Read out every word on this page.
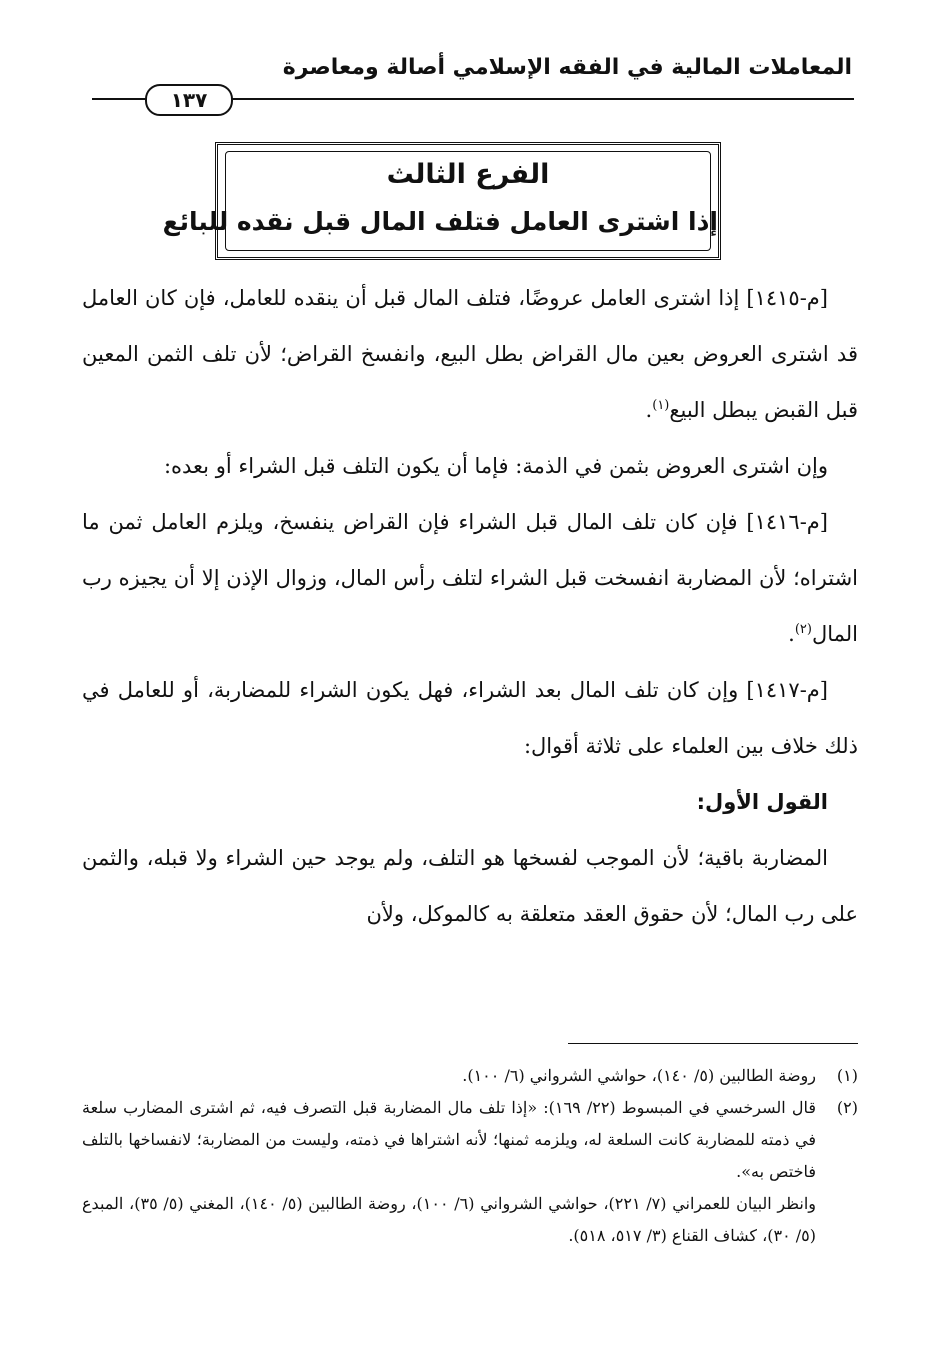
المعاملات المالية في الفقه الإسلامي أصالة ومعاصرة
١٣٧
الفرع الثالث
إذا اشترى العامل فتلف المال قبل نقده للبائع

[م-١٤١٥] إذا اشترى العامل عروضًا، فتلف المال قبل أن ينقده للعامل، فإن كان العامل قد اشترى العروض بعين مال القراض بطل البيع، وانفسخ القراض؛ لأن تلف الثمن المعين قبل القبض يبطل البيع$^{(١)}$.

وإن اشترى العروض بثمن في الذمة: فإما أن يكون التلف قبل الشراء أو بعده:

[م-١٤١٦] فإن كان تلف المال قبل الشراء فإن القراض ينفسخ، ويلزم العامل ثمن ما اشتراه؛ لأن المضاربة انفسخت قبل الشراء لتلف رأس المال، وزوال الإذن إلا أن يجيزه رب المال$^{(٢)}$.

[م-١٤١٧] وإن كان تلف المال بعد الشراء، فهل يكون الشراء للمضاربة، أو للعامل في ذلك خلاف بين العلماء على ثلاثة أقوال:

القول الأول:

المضاربة باقية؛ لأن الموجب لفسخها هو التلف، ولم يوجد حين الشراء ولا قبله، والثمن على رب المال؛ لأن حقوق العقد متعلقة به كالموكل، ولأن

(١)
روضة الطالبين (٥/ ١٤٠)، حواشي الشرواني (٦/ ١٠٠).
(٢)

قال السرخسي في المبسوط (٢٢/ ١٦٩): «إذا تلف مال المضاربة قبل التصرف فيه، ثم اشترى المضارب سلعة في ذمته للمضاربة كانت السلعة له، ويلزمه ثمنها؛ لأنه اشتراها في ذمته، وليست من المضاربة؛ لانفساخها بالتلف فاختص به».

وانظر البيان للعمراني (٧/ ٢٢١)، حواشي الشرواني (٦/ ١٠٠)، روضة الطالبين (٥/ ١٤٠)، المغني (٥/ ٣٥)، المبدع (٥/ ٣٠)، كشاف القناع (٣/ ٥١٧، ٥١٨).
